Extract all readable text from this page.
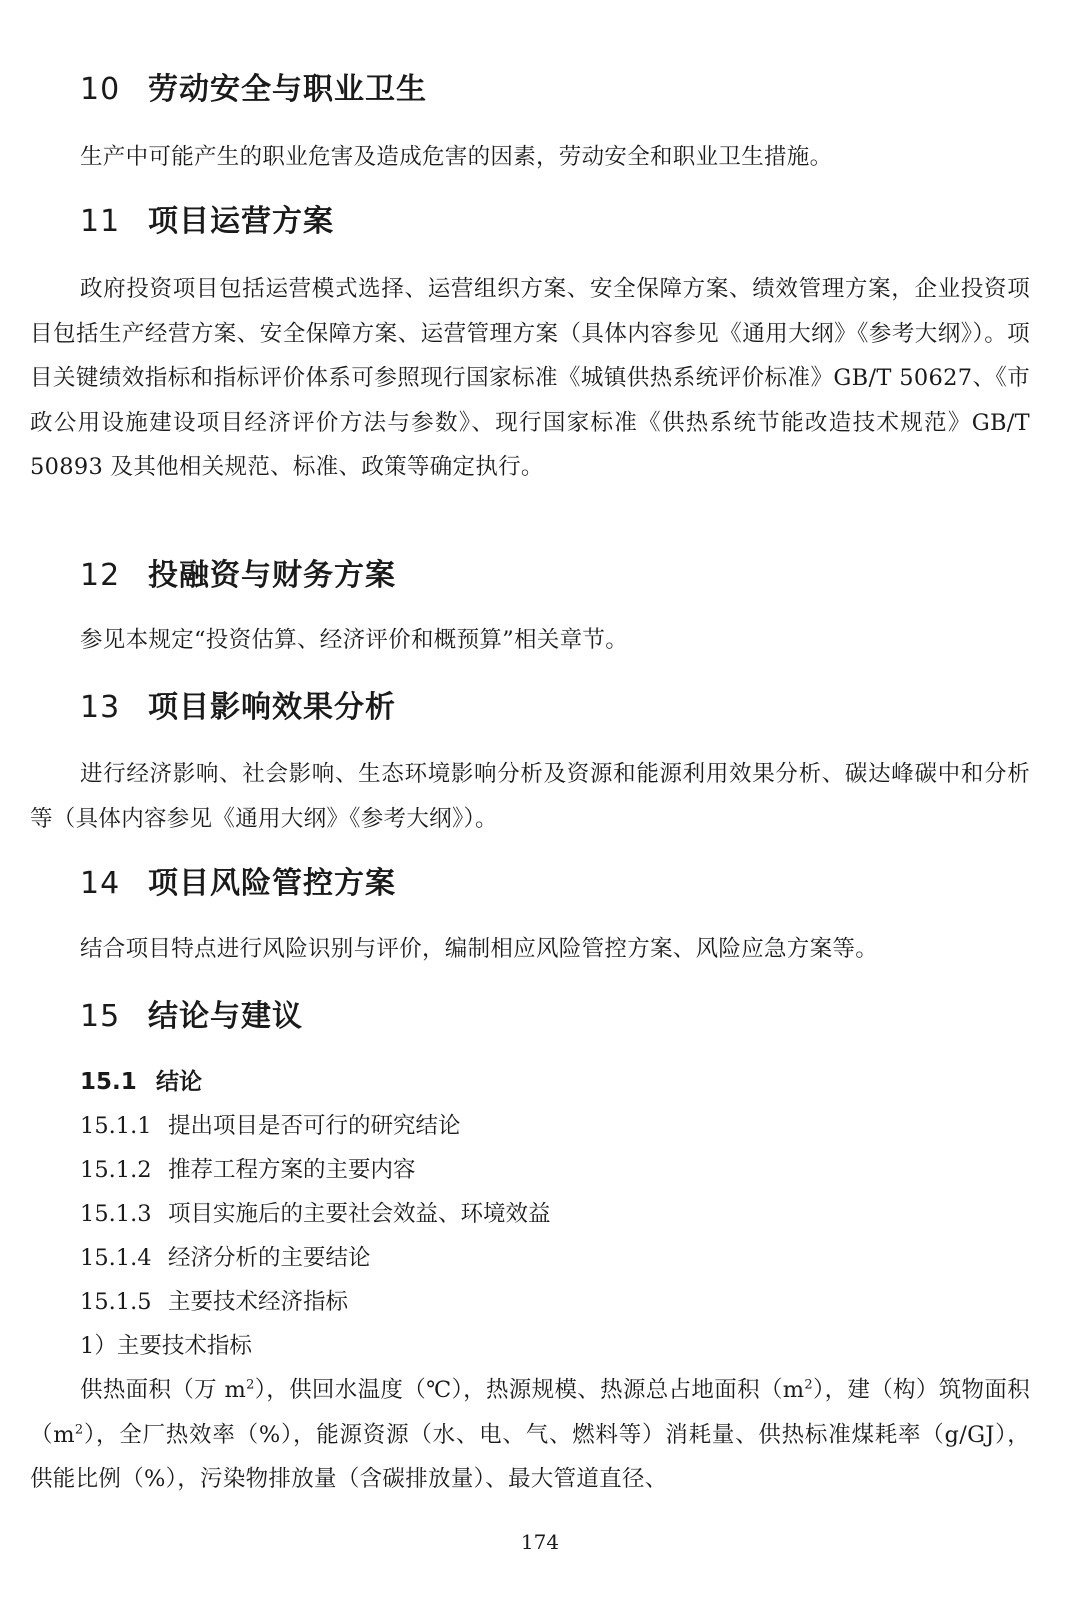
10 劳动安全与职业卫生

生产中可能产生的职业危害及造成危害的因素，劳动安全和职业卫生措施。

11 项目运营方案

政府投资项目包括运营模式选择、运营组织方案、安全保障方案、绩效管理方案，企业投资项目包括生产经营方案、安全保障方案、运营管理方案（具体内容参见《通用大纲》《参考大纲》）。项目关键绩效指标和指标评价体系可参照现行国家标准《城镇供热系统评价标准》GB/T 50627、《市政公用设施建设项目经济评价方法与参数》、现行国家标准《供热系统节能改造技术规范》GB/T 50893 及其他相关规范、标准、政策等确定执行。

12 投融资与财务方案

参见本规定“投资估算、经济评价和概预算”相关章节。

13 项目影响效果分析

进行经济影响、社会影响、生态环境影响分析及资源和能源利用效果分析、碳达峰碳中和分析等（具体内容参见《通用大纲》《参考大纲》）。

14 项目风险管控方案

结合项目特点进行风险识别与评价，编制相应风险管控方案、风险应急方案等。

15 结论与建议
15.1 结论

15.1.1 提出项目是否可行的研究结论

15.1.2 推荐工程方案的主要内容

15.1.3 项目实施后的主要社会效益、环境效益

15.1.4 经济分析的主要结论

15.1.5 主要技术经济指标

1）主要技术指标

供热面积（万 $m^2$），供回水温度（℃），热源规模、热源总占地面积$(m^2)$，建（构）筑物面积$(m^2)$，全厂热效率（%），能源资源（水、电、气、燃料等）消耗量、供热标准煤耗率（g/GJ），供能比例（%），污染物排放量（含碳排放量）、最大管道直径、

174
